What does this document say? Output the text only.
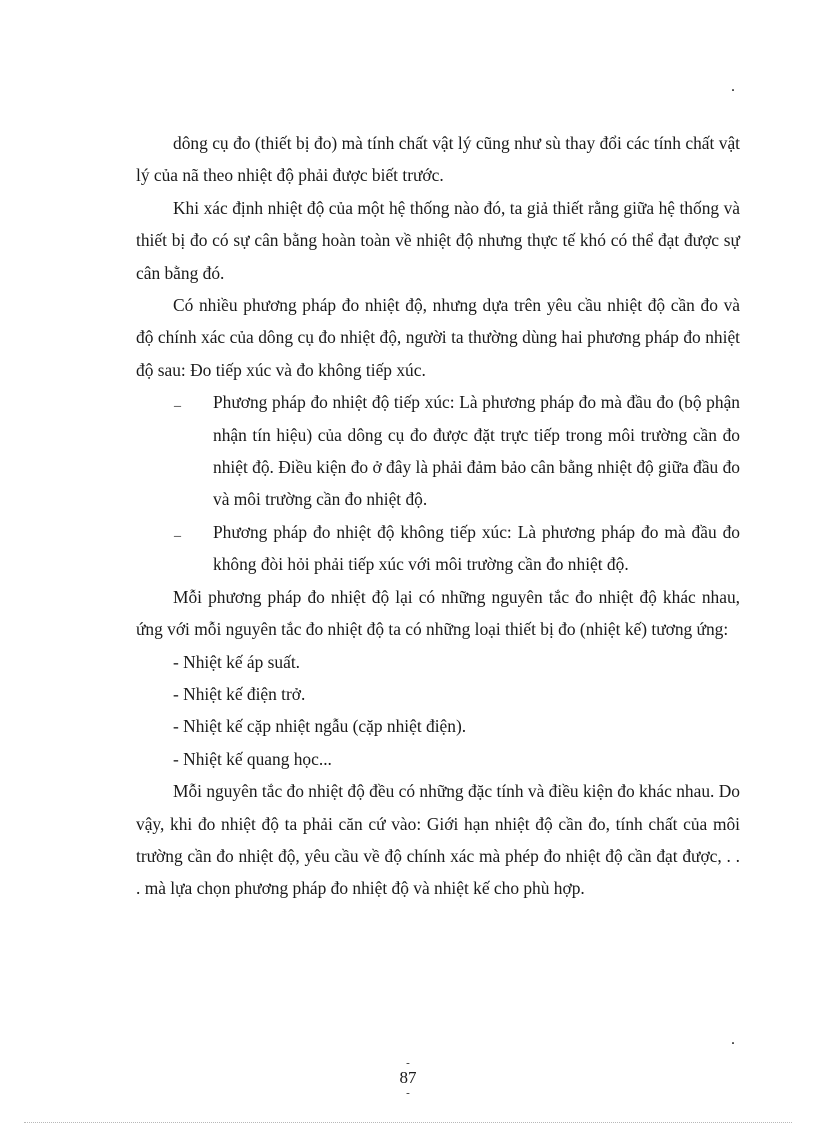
.

dông cụ đo (thiết bị đo) mà tính chất vật lý cũng như sù thay đổi các tính chất vật lý của nã theo nhiệt độ phải được biết trước.

Khi xác định nhiệt độ của một hệ thống nào đó, ta giả thiết rằng giữa hệ thống và thiết bị đo có sự cân bằng hoàn toàn về nhiệt độ nhưng thực tế khó có thể đạt được sự cân bằng đó.

Có nhiều phương pháp đo nhiệt độ, nhưng dựa trên yêu cầu nhiệt độ cần đo và độ chính xác của dông cụ đo nhiệt độ, người ta thường dùng hai phương pháp đo nhiệt độ sau: Đo tiếp xúc và đo không tiếp xúc.

_	Phương pháp đo nhiệt độ tiếp xúc: Là phương pháp đo mà đầu đo (bộ phận nhận tín hiệu) của dông cụ đo được đặt trực tiếp trong môi trường cần đo nhiệt độ. Điều kiện đo ở đây là phải đảm bảo cân bằng nhiệt độ giữa đầu đo và môi trường cần đo nhiệt độ.
_	Phương pháp đo nhiệt độ không tiếp xúc: Là phương pháp đo mà đầu đo không đòi hỏi phải tiếp xúc với môi trường cần đo nhiệt độ.

Mỗi phương pháp đo nhiệt độ lại có những nguyên tắc đo nhiệt độ khác nhau, ứng với mỗi nguyên tắc đo nhiệt độ ta có những loại thiết bị đo (nhiệt kế) tương ứng:

- Nhiệt kế áp suất.

- Nhiệt kế điện trở.

- Nhiệt kế cặp nhiệt ngẫu (cặp nhiệt điện).

- Nhiệt kế quang học...

Mỗi nguyên tắc đo nhiệt độ đều có những đặc tính và điều kiện đo khác nhau. Do vậy, khi đo nhiệt độ ta phải căn cứ vào: Giới hạn nhiệt độ cần đo, tính chất của môi trường cần đo nhiệt độ, yêu cầu về độ chính xác mà phép đo nhiệt độ cần đạt được, . . . mà lựa chọn phương pháp đo nhiệt độ và nhiệt kế cho phù hợp.

.
-
87
-
